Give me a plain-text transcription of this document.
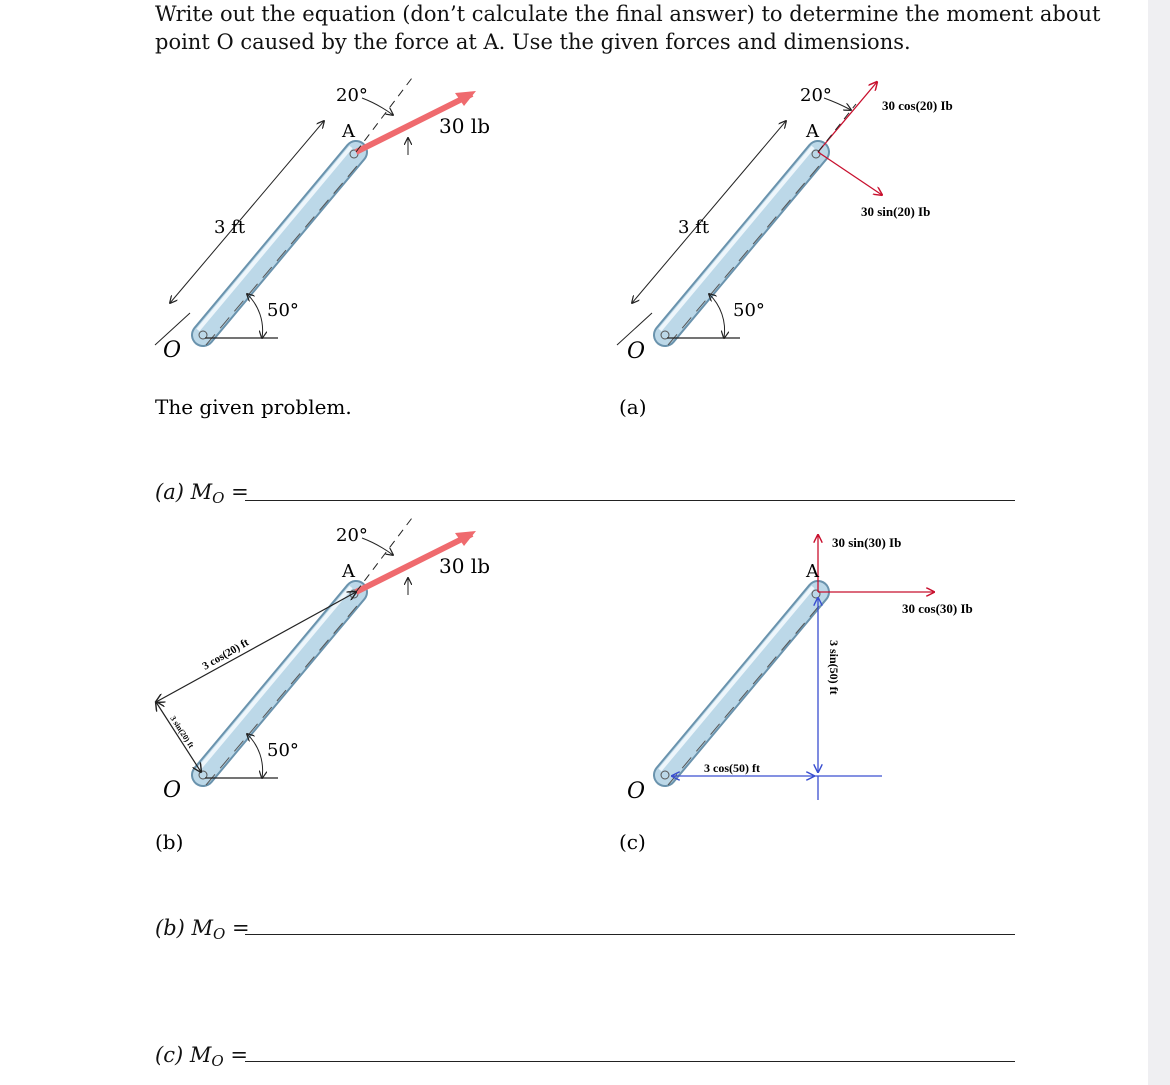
Write out the equation (don’t calculate the final answer) to determine the moment about
point O caused by the force at A. Use the given forces and dimensions.
O
A
3 ft
50°
20°
30 lb
The given problem.
O
A
3 ft
50°
20°	30 cos(20) Ib
30 sin(20) Ib
(a)
O
A
50°
20°
30 lb
3 cos(20) ft
3 sin(20) ft
(b)
O
A
30 sin(30) Ib
30 cos(30) Ib
3 sin(50) ft
3 cos(50) ft
(c)
(a) $M_O$ =
(b) $M_O$ =
(c) $M_O$ =
